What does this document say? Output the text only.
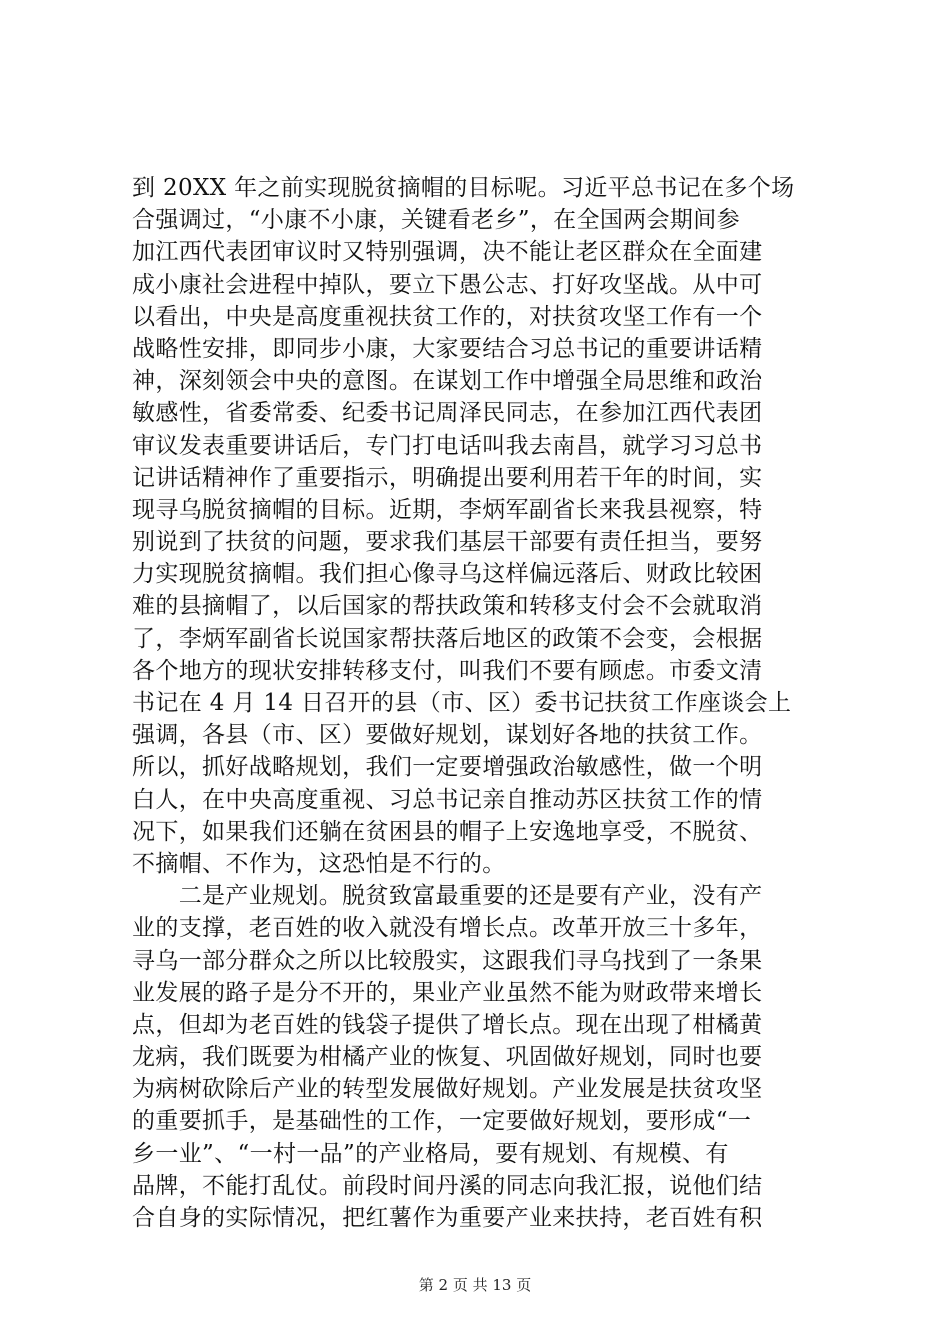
到 20XX 年之前实现脱贫摘帽的目标呢。习近平总书记在多个场
合强调过，“小康不小康，关键看老乡”，在全国两会期间参
加江西代表团审议时又特别强调，决不能让老区群众在全面建
成小康社会进程中掉队，要立下愚公志、打好攻坚战。从中可
以看出，中央是高度重视扶贫工作的，对扶贫攻坚工作有一个
战略性安排，即同步小康，大家要结合习总书记的重要讲话精
神，深刻领会中央的意图。在谋划工作中增强全局思维和政治
敏感性，省委常委、纪委书记周泽民同志，在参加江西代表团
审议发表重要讲话后，专门打电话叫我去南昌，就学习习总书
记讲话精神作了重要指示，明确提出要利用若干年的时间，实
现寻乌脱贫摘帽的目标。近期，李炳军副省长来我县视察，特
别说到了扶贫的问题，要求我们基层干部要有责任担当，要努
力实现脱贫摘帽。我们担心像寻乌这样偏远落后、财政比较困
难的县摘帽了，以后国家的帮扶政策和转移支付会不会就取消
了，李炳军副省长说国家帮扶落后地区的政策不会变，会根据
各个地方的现状安排转移支付，叫我们不要有顾虑。市委文清
书记在 4 月 14 日召开的县（市、区）委书记扶贫工作座谈会上
强调，各县（市、区）要做好规划，谋划好各地的扶贫工作。
所以，抓好战略规划，我们一定要增强政治敏感性，做一个明
白人，在中央高度重视、习总书记亲自推动苏区扶贫工作的情
况下，如果我们还躺在贫困县的帽子上安逸地享受，不脱贫、
不摘帽、不作为，这恐怕是不行的。
　　二是产业规划。脱贫致富最重要的还是要有产业，没有产
业的支撑，老百姓的收入就没有增长点。改革开放三十多年，
寻乌一部分群众之所以比较殷实，这跟我们寻乌找到了一条果
业发展的路子是分不开的，果业产业虽然不能为财政带来增长
点，但却为老百姓的钱袋子提供了增长点。现在出现了柑橘黄
龙病，我们既要为柑橘产业的恢复、巩固做好规划，同时也要
为病树砍除后产业的转型发展做好规划。产业发展是扶贫攻坚
的重要抓手，是基础性的工作，一定要做好规划，要形成“一
乡一业”、“一村一品”的产业格局，要有规划、有规模、有
品牌，不能打乱仗。前段时间丹溪的同志向我汇报，说他们结
合自身的实际情况，把红薯作为重要产业来扶持，老百姓有积
第 2 页 共 13 页
